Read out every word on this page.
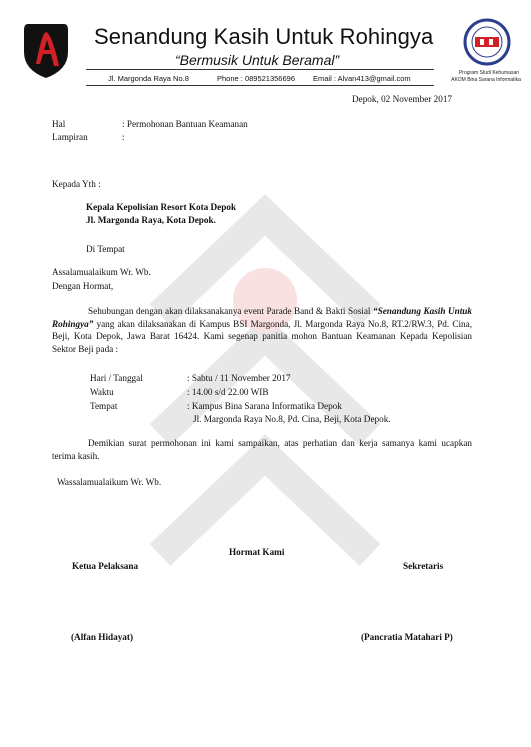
Senandung Kasih Untuk Rohingya
“Bermusik Untuk Beramal”
Jl. Margonda Raya No.8	Phone : 089521356696 Email : Alvan413@gmail.com
Program Studi Kehumasan
AKOM Bina Sarana Informatika
Depok, 02 November 2017
Hal	: Permohonan Bantuan Keamanan
Lampiran	:
Kepada Yth :
Kepala Kepolisian Resort Kota Depok
Jl. Margonda Raya, Kota Depok.
Di Tempat
Assalamualaikum Wr. Wb.
Dengan Hormat,
Sehubungan dengan akan dilaksanakanya event Parade Band & Bakti Sosial “Senandung Kasih Untuk Rohingya” yang akan dilaksanakan di Kampus BSI Margonda, Jl. Margonda Raya No.8, RT.2/RW.3, Pd. Cina, Beji, Kota Depok, Jawa Barat 16424. Kami segenap panitia mohon Bantuan Keamanan Kepada Kepolisian Sektor Beji pada :
Hari / Tanggal	: Sabtu / 11 November 2017
Waktu	: 14.00 s/d 22.00 WIB
Tempat	: Kampus Bina Sarana Informatika Depok
Jl. Margonda Raya No.8, Pd. Cina, Beji, Kota Depok.
Demikian surat permohonan ini kami sampaikan, atas perhatian dan kerja samanya kami ucapkan terima kasih.
Wassalamualaikum Wr. Wb.
Hormat Kami
Ketua Pelaksana	Sekretaris
(Alfan Hidayat)	(Pancratia Matahari P)
